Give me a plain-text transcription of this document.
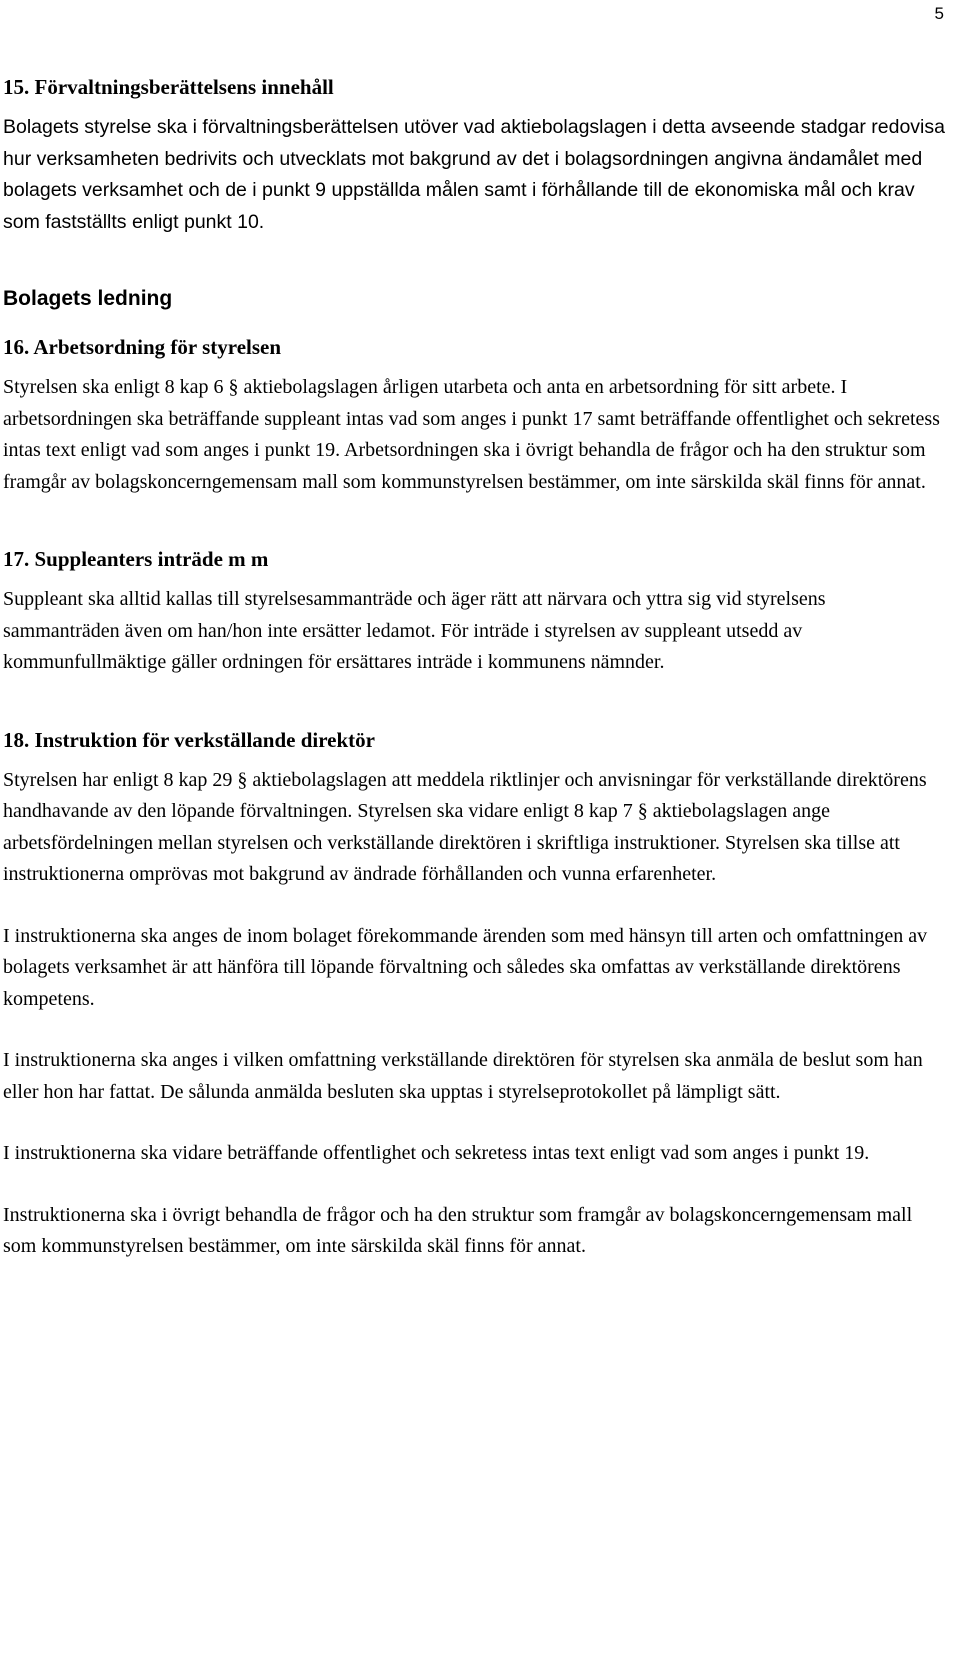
5
15. Förvaltningsberättelsens innehåll

Bolagets styrelse ska i förvaltningsberättelsen utöver vad aktiebolagslagen i detta avseende stadgar redovisa hur verksamheten bedrivits och utvecklats mot bakgrund av det i bolagsordningen angivna ändamålet med bolagets verksamhet och de i punkt 9 uppställda målen samt i förhållande till de ekonomiska mål och krav som fastställts enligt punkt 10.

Bolagets ledning
16. Arbetsordning för styrelsen

Styrelsen ska enligt 8 kap 6 § aktiebolagslagen årligen utarbeta och anta en arbetsordning för sitt arbete. I arbetsordningen ska beträffande suppleant intas vad som anges i punkt 17 samt beträffande offentlighet och sekretess intas text enligt vad som anges i punkt 19. Arbetsordningen ska i övrigt behandla de frågor och ha den struktur som framgår av bolagskoncerngemensam mall som kommunstyrelsen bestämmer, om inte särskilda skäl finns för annat.

17. Suppleanters inträde m m

Suppleant ska alltid kallas till styrelsesammanträde och äger rätt att närvara och yttra sig vid styrelsens sammanträden även om han/hon inte ersätter ledamot. För inträde i styrelsen av suppleant utsedd av kommunfullmäktige gäller ordningen för ersättares inträde i kommunens nämnder.

18. Instruktion för verkställande direktör

Styrelsen har enligt 8 kap 29 § aktiebolagslagen att meddela riktlinjer och anvisningar för verkställande direktörens handhavande av den löpande förvaltningen. Styrelsen ska vidare enligt 8 kap 7 § aktiebolagslagen ange arbetsfördelningen mellan styrelsen och verkställande direktören i skriftliga instruktioner. Styrelsen ska tillse att instruktionerna omprövas mot bakgrund av ändrade förhållanden och vunna erfarenheter.

I instruktionerna ska anges de inom bolaget förekommande ärenden som med hänsyn till arten och omfattningen av bolagets verksamhet är att hänföra till löpande förvaltning och således ska omfattas av verkställande direktörens kompetens.

I instruktionerna ska anges i vilken omfattning verkställande direktören för styrelsen ska anmäla de beslut som han eller hon har fattat. De sålunda anmälda besluten ska upptas i styrelseprotokollet på lämpligt sätt.

I instruktionerna ska vidare beträffande offentlighet och sekretess intas text enligt vad som anges i punkt 19.

Instruktionerna ska i övrigt behandla de frågor och ha den struktur som framgår av bolagskoncerngemensam mall som kommunstyrelsen bestämmer, om inte särskilda skäl finns för annat.
